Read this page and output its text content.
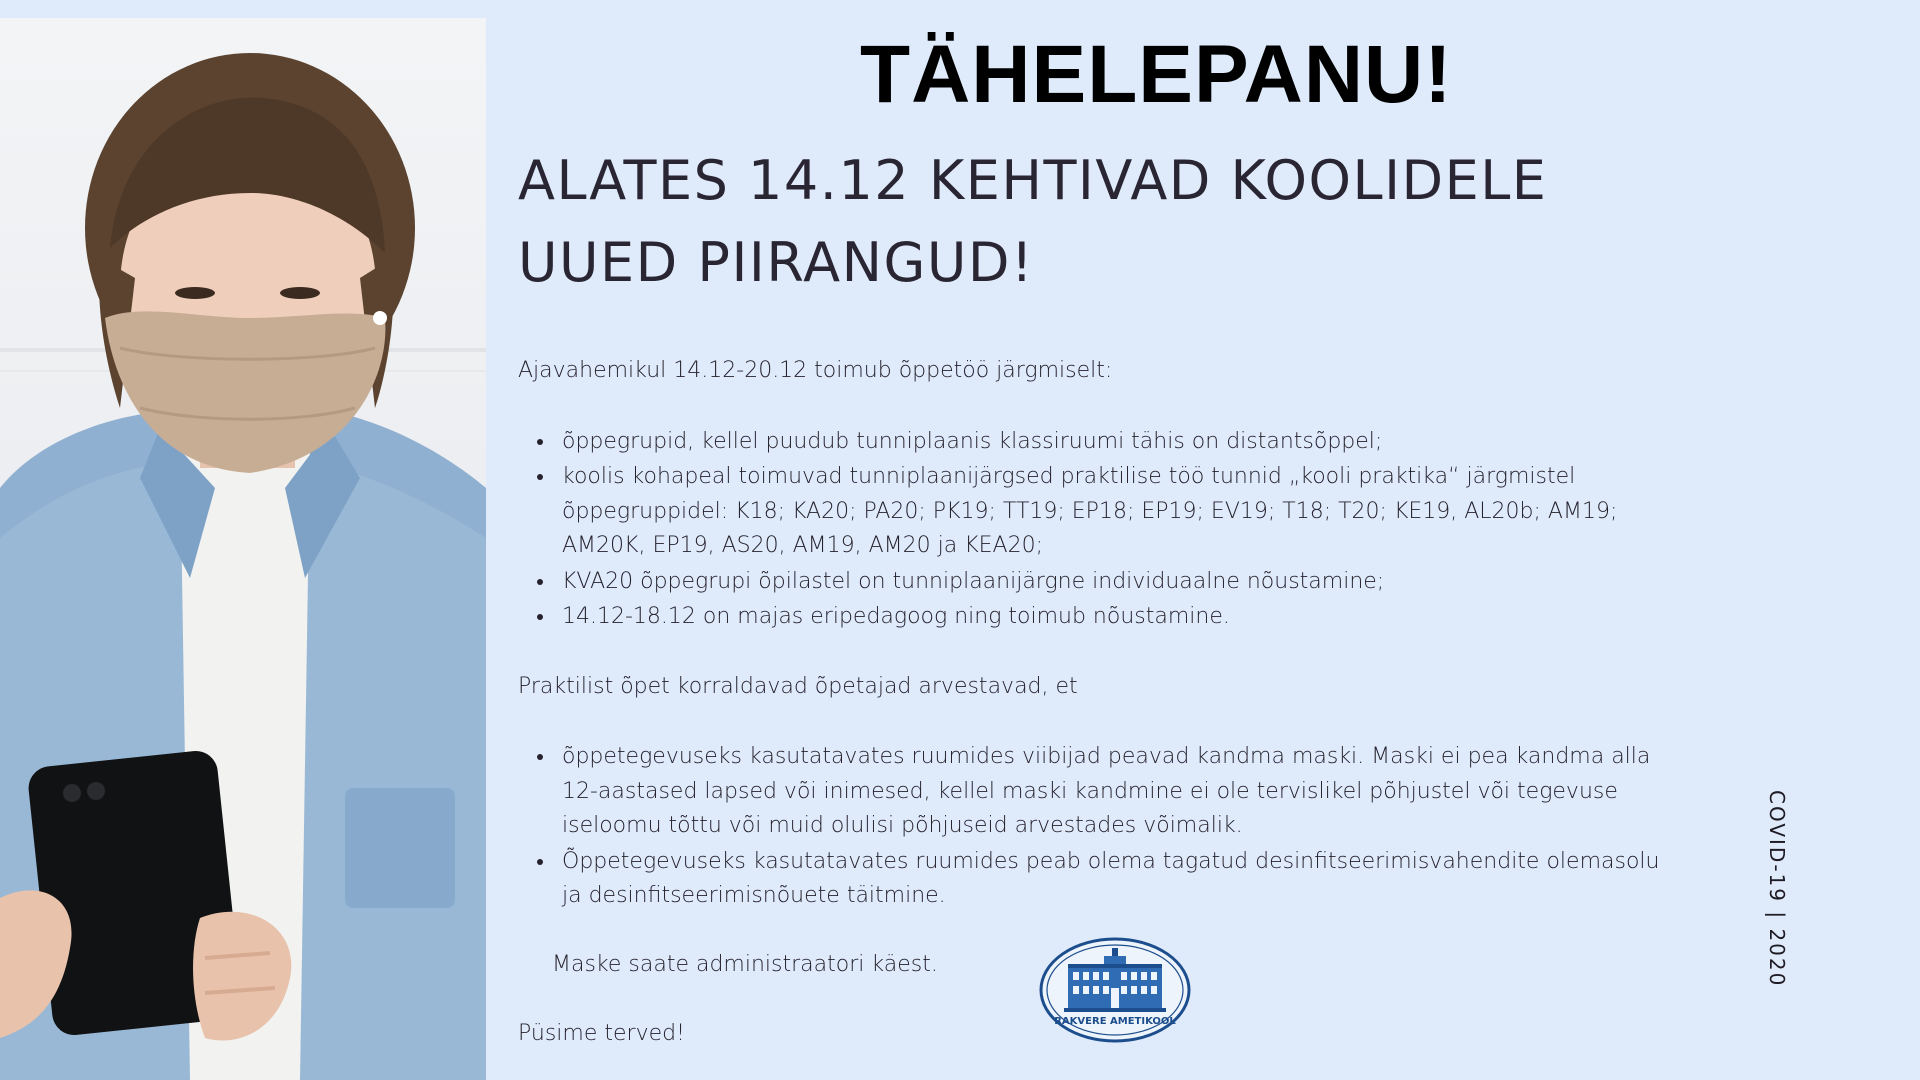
TÄHELEPANU!
ALATES 14.12 KEHTIVAD KOOLIDELE UUED PIIRANGUD!

Ajavahemikul 14.12-20.12 toimub õppetöö järgmiselt:

• õppegrupid, kellel puudub tunniplaanis klassiruumi tähis on distantsõppel;
• koolis kohapeal toimuvad tunniplaanijärgsed praktilise töö tunnid „kooli praktika“ järgmistel õppegruppidel: K18; KA20; PA20; PK19; TT19; EP18; EP19; EV19; T18; T20; KE19, AL20b; AM19; AM20K, EP19, AS20, AM19, AM20 ja KEA20;
• KVA20 õppegrupi õpilastel on tunniplaanijärgne individuaalne nõustamine;
• 14.12-18.12 on majas eripedagoog ning toimub nõustamine.

Praktilist õpet korraldavad õpetajad arvestavad, et

• õppetegevuseks kasutatavates ruumides viibijad peavad kandma maski. Maski ei pea kandma alla 12-aastased lapsed või inimesed, kellel maski kandmine ei ole tervislikel põhjustel või tegevuse iseloomu tõttu või muid olulisi põhjuseid arvestades võimalik.
• Õppetegevuseks kasutatavates ruumides peab olema tagatud desinfitseerimisvahendite olemasolu ja desinfitseerimisnõuete täitmine.

Maske saate administraatori käest.

Püsime terved!	RAKVERE AMETIKOOL
COVID-19 | 2020
